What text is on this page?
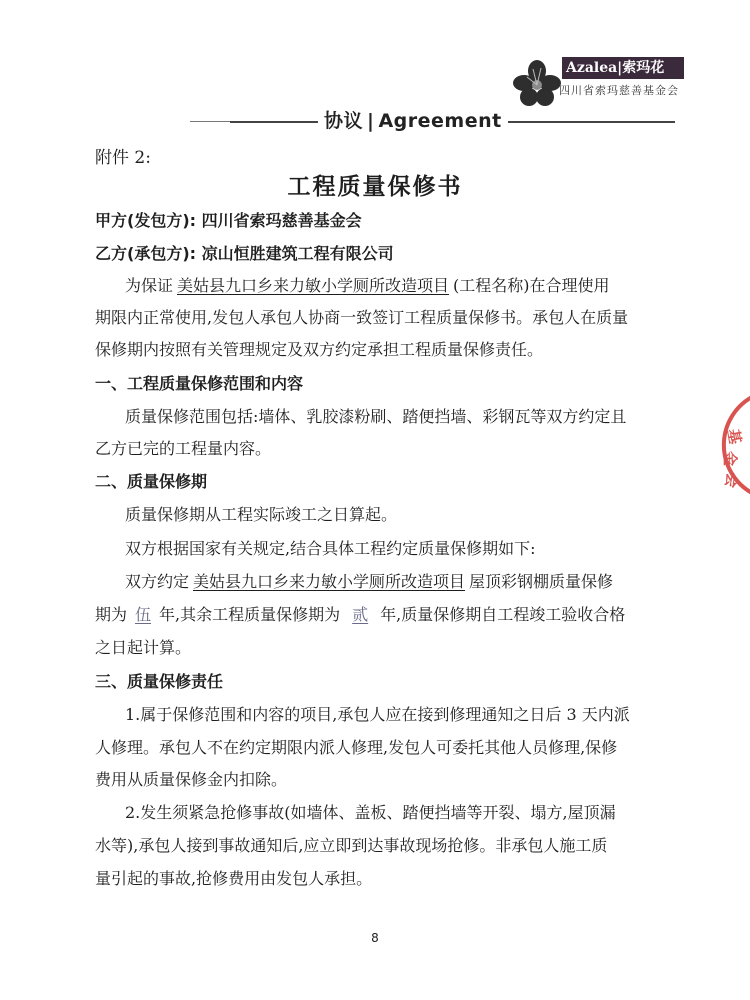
协议 | Agreement
Azalea|索玛花
四川省索玛慈善基金会
基
金
会
附件 2:
工程质量保修书
甲方(发包方): 四川省索玛慈善基金会
乙方(承包方): 凉山恒胜建筑工程有限公司
为保证 美姑县九口乡来力敏小学厕所改造项目 (工程名称)在合理使用
期限内正常使用,发包人承包人协商一致签订工程质量保修书。承包人在质量
保修期内按照有关管理规定及双方约定承担工程质量保修责任。
一、工程质量保修范围和内容
质量保修范围包括:墙体、乳胶漆粉刷、踏便挡墙、彩钢瓦等双方约定且
乙方已完的工程量内容。
二、质量保修期
质量保修期从工程实际竣工之日算起。
双方根据国家有关规定,结合具体工程约定质量保修期如下:
双方约定 美姑县九口乡来力敏小学厕所改造项目 屋顶彩钢棚质量保修
期为 伍 年,其余工程质量保修期为 贰 年,质量保修期自工程竣工验收合格
之日起计算。
三、质量保修责任
1.属于保修范围和内容的项目,承包人应在接到修理通知之日后 3 天内派
人修理。承包人不在约定期限内派人修理,发包人可委托其他人员修理,保修
费用从质量保修金内扣除。
2.发生须紧急抢修事故(如墙体、盖板、踏便挡墙等开裂、塌方,屋顶漏
水等),承包人接到事故通知后,应立即到达事故现场抢修。非承包人施工质
量引起的事故,抢修费用由发包人承担。
8
